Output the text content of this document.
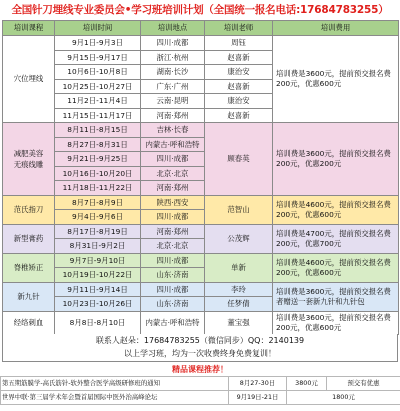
全国针刀埋线专业委员会•学习班培训计划（全国统一报名电话:17684783255）
培训课程	培训时间	培训地点	培训老师	培训费用
穴位埋线	9月1日-9月3日	四川·成都	周钰	培训费是3600元，提前预交报名费200元，优惠600元
	9月15日-9月17日	浙江·杭州	赵喜新	
	10月6日-10月8日	湖南·长沙	康治安	
	10月25日-10月27日	广东·广州	赵喜新	
	11月2日-11月4日	云南·昆明	康治安	
	11月15日-11月17日	河南·郑州	赵喜新	
减肥美容
无痕线雕	8月11日-8月15日	吉林·长春	顾春英	培训费是3600元，提前预交报名费200元，优惠200元
	8月27日-8月31日	内蒙古·呼和浩特		
	9月21日-9月25日	四川·成都		
	10月16日-10月20日	北京·北京		
	11月18日-11月22日	河南·郑州		
范氏指刀	8月7日-8月9日	陕西·西安	范智山	培训费是4600元，提前预交报名费200元，优惠600元
	9月4日-9月6日	四川·成都		
新型膏药	8月17日-8月19日	河南·郑州	公茂辉	培训费是4700元，提前预交报名费200元，优惠700元
	8月31日-9月2日	北京·北京		
脊椎矫正	9月7日-9月10日	四川·成都	单新	培训费是4600元，提前预交报名费200元，优惠600元
	10月19日-10月22日	山东·济南		
新九针	9月11日-9月14日	四川·成都	李玲	培训费是3600元，提前预交报名费者赠送一套新九针和九针包
	10月23日-10月26日	山东·济南	任梦倩	
经络刺血	8月8日-8月10日	内蒙古·呼和浩特	董宝强	培训费是3600元，提前预交报名费200元，优惠600元
联系人赵朵：17684783255（微信同步）QQ：2140139
以上学习班，均为一次收费终身免费复训！
精品课程推荐！
第五期筋膜学-高氏筋针-软外整合医学高级研修班的通知	8月27-30日	3800元	预交有优惠
世界中联·第三届学术年会暨首届国际中医外治高峰论坛	9月19日-21日	1800元	
